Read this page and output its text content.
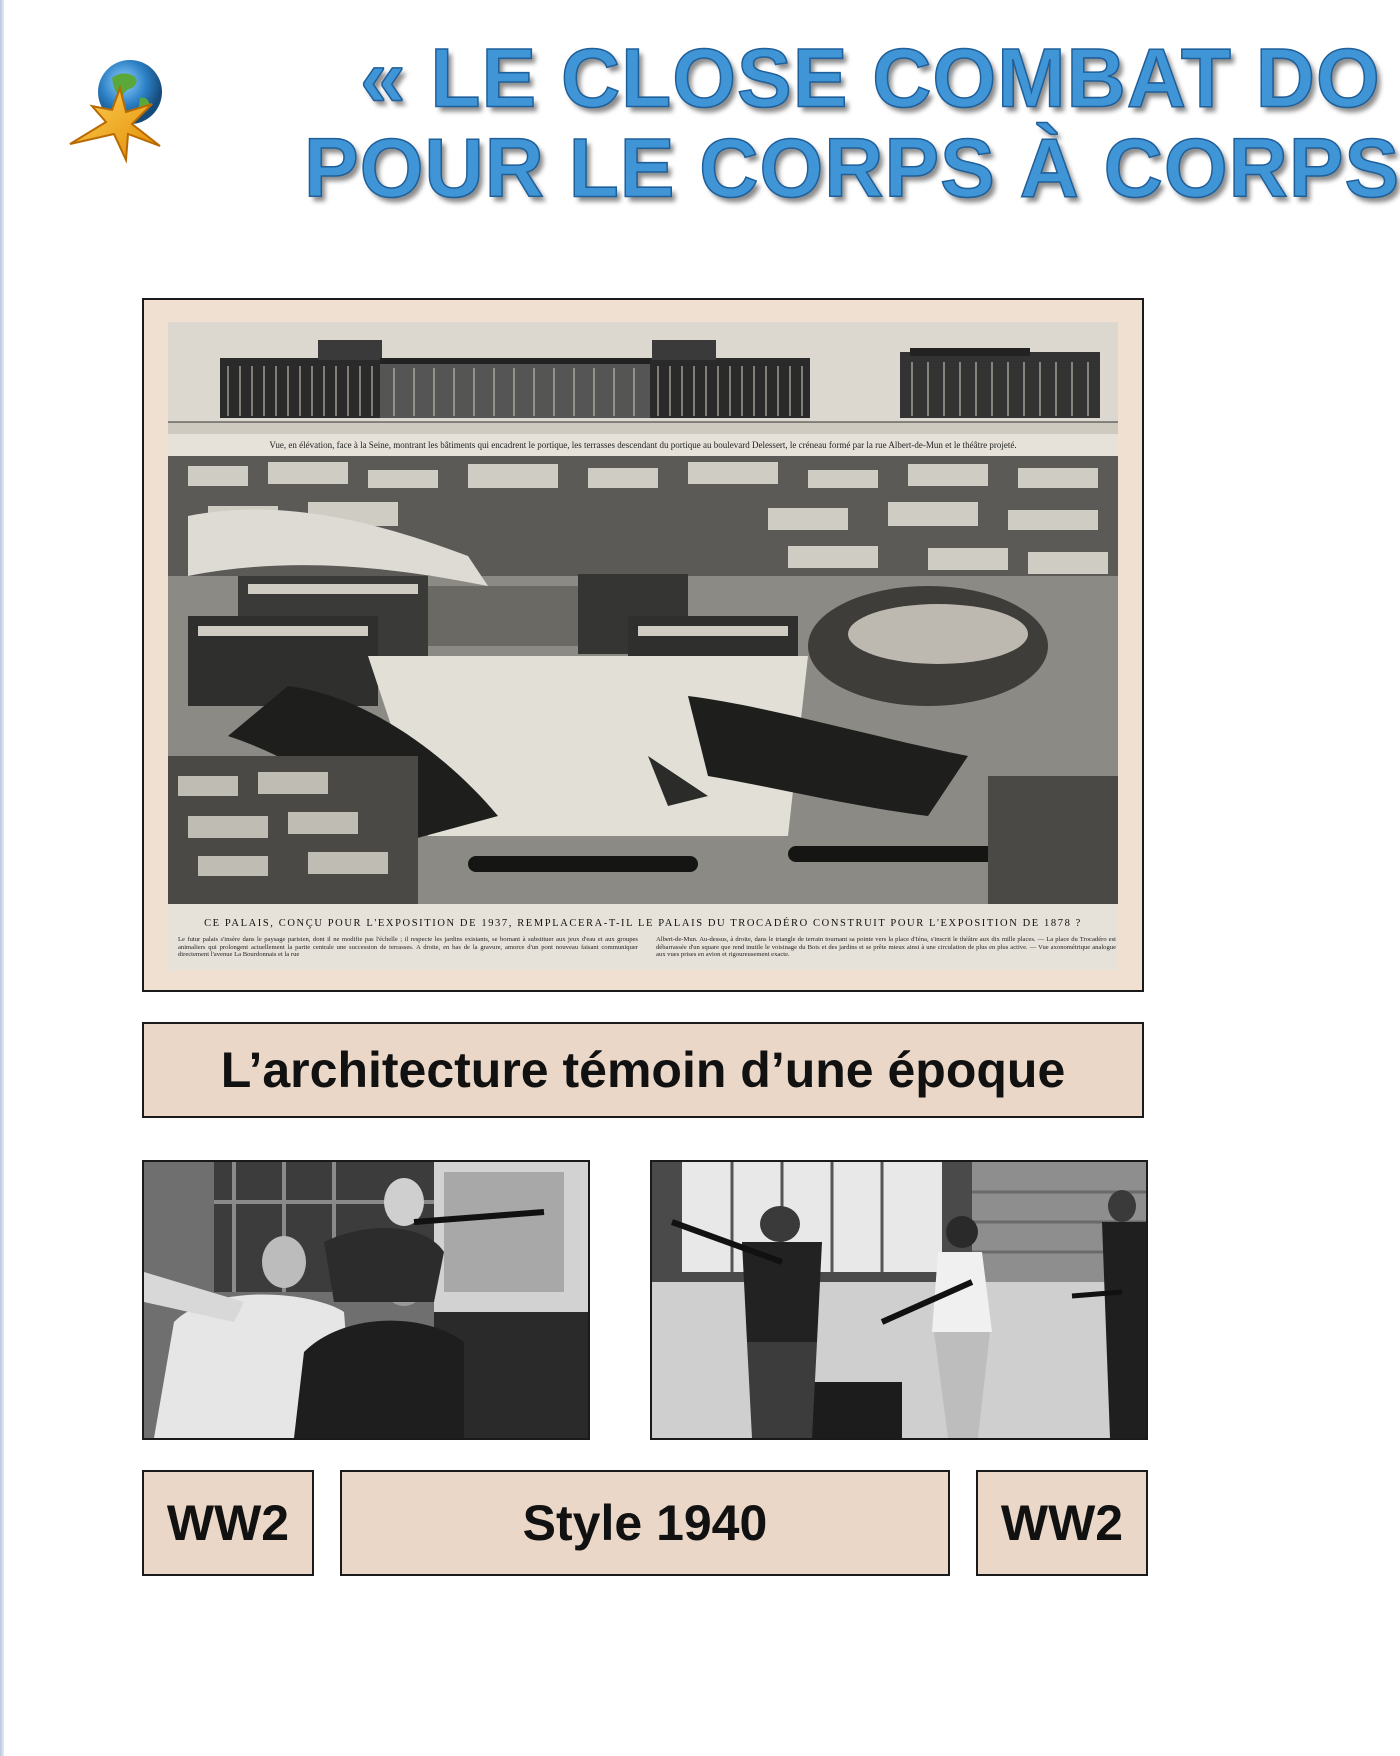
« LE CLOSE COMBAT DO
POUR LE CORPS À CORPS
Vue, en élévation, face à la Seine, montrant les bâtiments qui encadrent le portique, les terrasses descendant du portique au boulevard Delessert, le créneau formé par la rue Albert-de-Mun et le théâtre projeté.
CE PALAIS, CONÇU POUR L'EXPOSITION DE 1937, REMPLACERA-T-IL LE PALAIS DU TROCADÉRO CONSTRUIT POUR L'EXPOSITION DE 1878 ?
Le futur palais s'insère dans le paysage parisien, dont il ne modifie pas l'échelle ; il respecte les jardins existants, se bornant à substituer aux jeux d'eau et aux groupes animaliers qui prolongent actuellement la partie centrale une succession de terrasses. A droite, en bas de la gravure, amorce d'un pont nouveau faisant communiquer directement l'avenue La Bourdonnais et la rue
Albert-de-Mun. Au-dessus, à droite, dans le triangle de terrain tournant sa pointe vers la place d'Iéna, s'inscrit le théâtre aux dix mille places. — La place du Trocadéro est débarrassée d'un square que rend inutile le voisinage du Bois et des jardins et se prête mieux ainsi à une circulation de plus en plus active. — Vue axonométrique analogue aux vues prises en avion et rigoureusement exacte.
L’architecture témoin d’une époque
WW2	Style 1940	WW2
